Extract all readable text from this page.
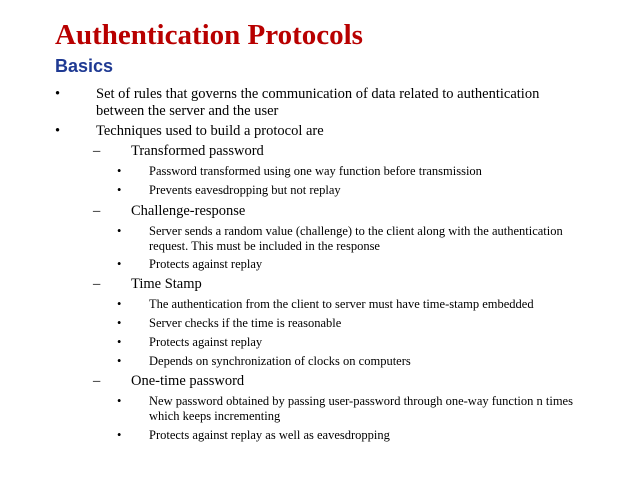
Authentication Protocols
Basics
• Set of rules that governs the communication of data related to authentication
between the server and the user
• Techniques used to build a protocol are
– Transformed password
• Password transformed using one way function before transmission
• Prevents eavesdropping but not replay
– Challenge-response
• Server sends a random value (challenge) to the client along with the authentication
request. This must be included in the response
• Protects against replay
– Time Stamp
• The authentication from the client to server must have time-stamp embedded
• Server checks if the time is reasonable
• Protects against replay
• Depends on synchronization of clocks on computers
– One-time password
• New password obtained by passing user-password through one-way function n times
which keeps incrementing
• Protects against replay as well as eavesdropping
